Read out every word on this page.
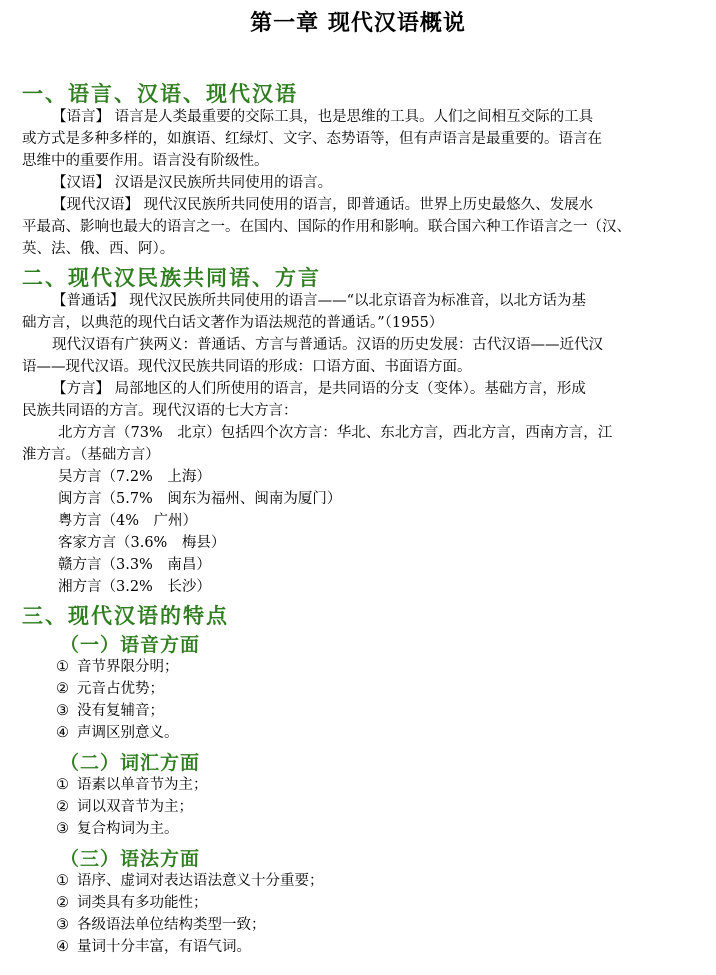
第一章 现代汉语概说
一、语言、汉语、现代汉语
【语言】 语言是人类最重要的交际工具，也是思维的工具。人们之间相互交际的工具
或方式是多种多样的，如旗语、红绿灯、文字、态势语等，但有声语言是最重要的。语言在
思维中的重要作用。语言没有阶级性。
【汉语】 汉语是汉民族所共同使用的语言。
【现代汉语】 现代汉民族所共同使用的语言，即普通话。世界上历史最悠久、发展水
平最高、影响也最大的语言之一。在国内、国际的作用和影响。联合国六种工作语言之一（汉、
英、法、俄、西、阿）。
二、现代汉民族共同语、方言
【普通话】 现代汉民族所共同使用的语言——“以北京语音为标准音，以北方话为基
础方言，以典范的现代白话文著作为语法规范的普通话。”（1955）
现代汉语有广狭两义：普通话、方言与普通话。汉语的历史发展：古代汉语——近代汉
语——现代汉语。现代汉民族共同语的形成：口语方面、书面语方面。
【方言】 局部地区的人们所使用的语言，是共同语的分支（变体）。基础方言，形成
民族共同语的方言。现代汉语的七大方言：
北方方言（73%　北京）包括四个次方言：华北、东北方言，西北方言，西南方言，江
淮方言。（基础方言）
吴方言（7.2%　上海）
闽方言（5.7%　闽东为福州、闽南为厦门）
粤方言（4%　广州）
客家方言（3.6%　梅县）
赣方言（3.3%　南昌）
湘方言（3.2%　长沙）
三、现代汉语的特点
（一）语音方面
① 音节界限分明；
② 元音占优势；
③ 没有复辅音；
④ 声调区别意义。
（二）词汇方面
① 语素以单音节为主；
② 词以双音节为主；
③ 复合构词为主。
（三）语法方面
① 语序、虚词对表达语法意义十分重要；
② 词类具有多功能性；
③ 各级语法单位结构类型一致；
④ 量词十分丰富，有语气词。
